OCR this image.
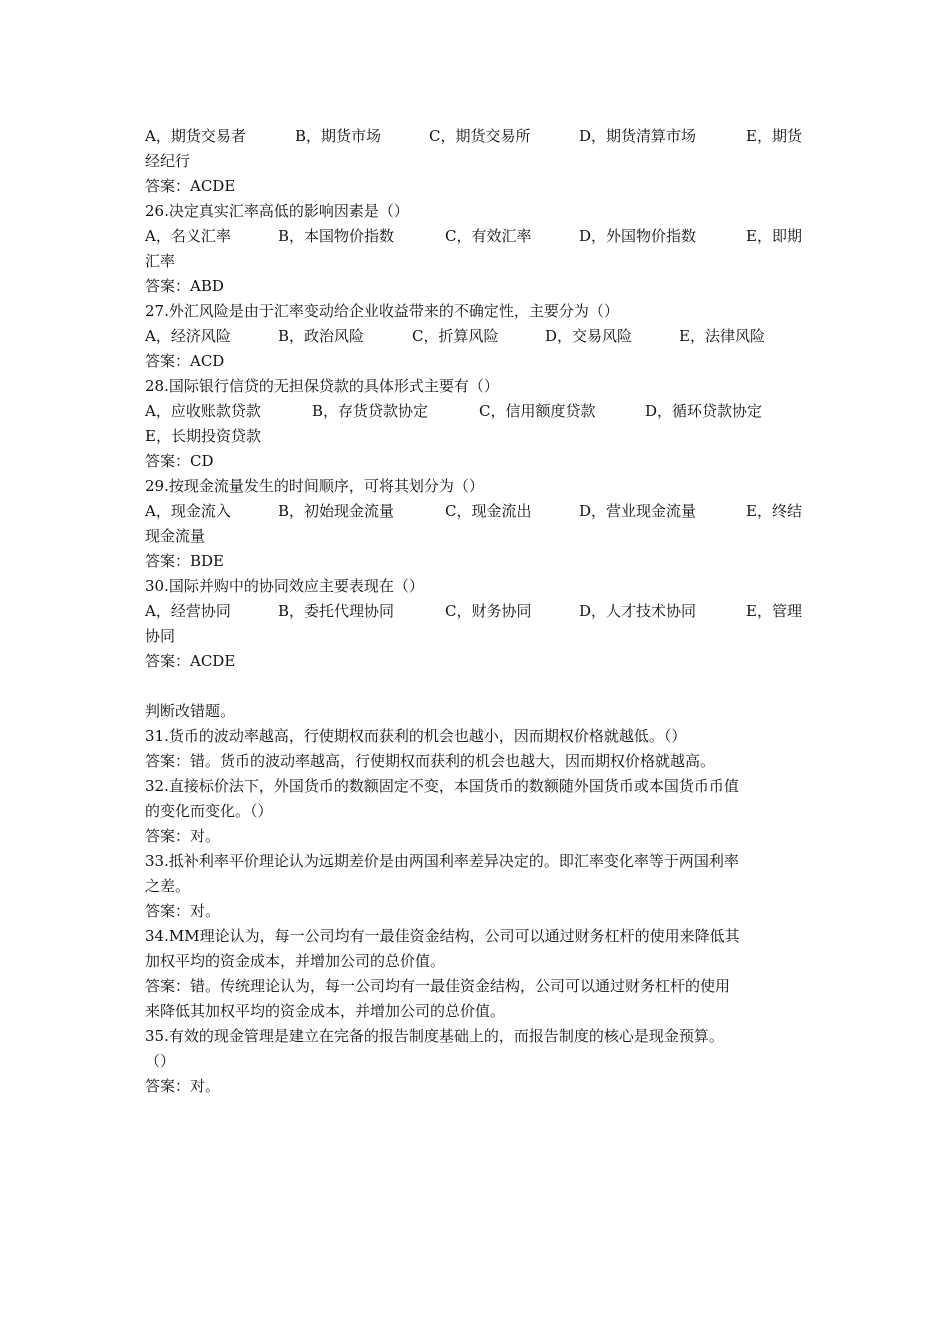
A，期货交易者	B，期货市场	C，期货交易所	D，期货清算市场	E，期货
经纪行
答案：ACDE
26.决定真实汇率高低的影响因素是（）
A，名义汇率	B，本国物价指数	C，有效汇率	D，外国物价指数	E，即期
汇率
答案：ABD
27.外汇风险是由于汇率变动给企业收益带来的不确定性，主要分为（）
A，经济风险	B，政治风险	C，折算风险	D，交易风险	E，法律风险
答案：ACD
28.国际银行信贷的无担保贷款的具体形式主要有（）
A，应收账款贷款	B，存货贷款协定	C，信用额度贷款	D，循环贷款协定
E，长期投资贷款
答案：CD
29.按现金流量发生的时间顺序，可将其划分为（）
A，现金流入	B，初始现金流量	C，现金流出	D，营业现金流量	E，终结
现金流量
答案：BDE
30.国际并购中的协同效应主要表现在（）
A，经营协同	B，委托代理协同	C，财务协同	D，人才技术协同	E，管理
协同
答案：ACDE
判断改错题。
31.货币的波动率越高，行使期权而获利的机会也越小，因而期权价格就越低。（）
答案：错。货币的波动率越高，行使期权而获利的机会也越大，因而期权价格就越高。
32.直接标价法下，外国货币的数额固定不变，本国货币的数额随外国货币或本国货币币值
的变化而变化。（）
答案：对。
33.抵补利率平价理论认为远期差价是由两国利率差异决定的。即汇率变化率等于两国利率
之差。
答案：对。
34.MM理论认为，每一公司均有一最佳资金结构，公司可以通过财务杠杆的使用来降低其
加权平均的资金成本，并增加公司的总价值。
答案：错。传统理论认为，每一公司均有一最佳资金结构，公司可以通过财务杠杆的使用
来降低其加权平均的资金成本，并增加公司的总价值。
35.有效的现金管理是建立在完备的报告制度基础上的，而报告制度的核心是现金预算。
（）
答案：对。
